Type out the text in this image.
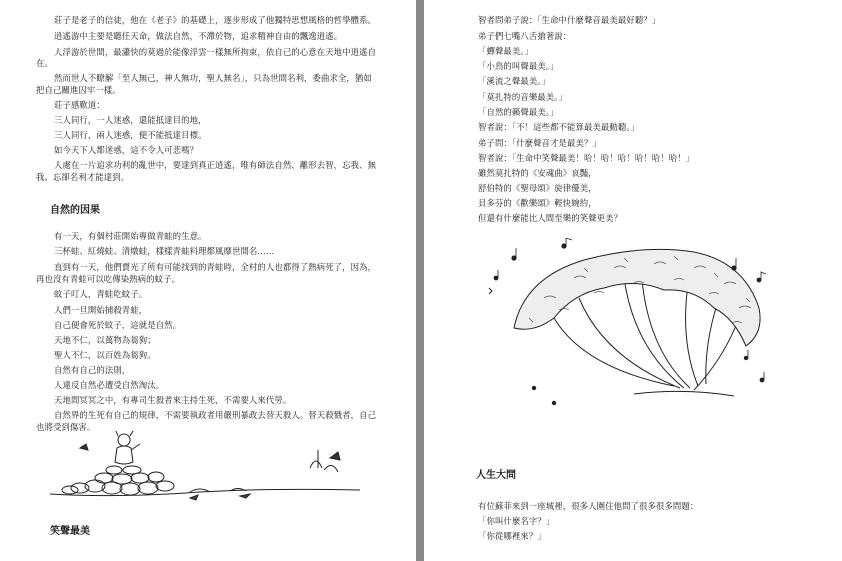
莊子是老子的信徒，他在《老子》的基礎上，逐步形成了他獨特思想風格的哲學體系。
逍遙游中主要是聽任天命，做法自然，不滯於物，追求精神自由的飄逸逍遙。
人浮游於世間，最瀟快的莫過於能像浮雲一樣無所拘束，依自己的心意在天地中逍遙自
在。
然而世人不瞭解「至人無己，神人無功，聖人無名」，只為世間名利，委曲求全，猶如
把自己關進囚牢一樣。
莊子感歎道：
三人同行，一人迷惑，還能抵達目的地，
三人同行，兩人迷惑，便不能抵達目標。
如今天下人都迷惑，這不令人可悲嗎？
人處在一片追求功利的亂世中，要達到真正逍遙，唯有師法自然、離形去智，忘我、無
我、忘卻名利才能達到。
自然的因果
有一天，有個村莊開始專做青蛙的生意。
三杯蛙、紅燒蛙、清燉蛙，樣樣青蛙料理都風靡世間名……
直到有一天，他們賣光了所有可能找到的青蛙時，全村的人也都得了熱病死了，因為，
再也沒有青蛙可以吃傳染熱病的蚊子。
蚊子叮人，青蛙吃蚊子。
人們一旦開始捕殺青蛙，
自己便會死於蚊子，這就是自然。
天地不仁，以萬物為芻狗；
聖人不仁，以百姓為芻狗。
自然有自己的法則，
人違反自然必遭受自然淘汰。
天地間冥冥之中，有專司生殺者來主持生死，不需要人來代勞。
自然界的生死有自己的規律，不需要執政者用嚴刑暴政去替天殺人。替天殺戮者，自己
也將受到傷害。
笑聲最美
智者問弟子說：「生命中什麼聲音最美最好聽？」
弟子們七嘴八舌搶著說：
「蟬聲最美。」
「小鳥的叫聲最美。」
「溪流之聲最美。」
「莫扎特的音樂最美。」
「自然的籟聲最美。」
智者說：「不！這些都不能算最美最動聽。」
弟子問：「什麼聲音才是最美？」
智者說：「生命中笑聲最美！哈！哈！哈！哈！哈！哈！」
雖然莫扎特的《安魂曲》哀豔，
舒伯特的《聖母頌》旋律優美，
貝多芬的《歡樂頌》輕快婉約，
但還有什麼能比人間至樂的笑聲更美？
人生大問
有位蘇菲來到一座城裡，很多人圍住他問了很多很多問題：
「你叫什麼名字？」
「你從哪裡來？」
